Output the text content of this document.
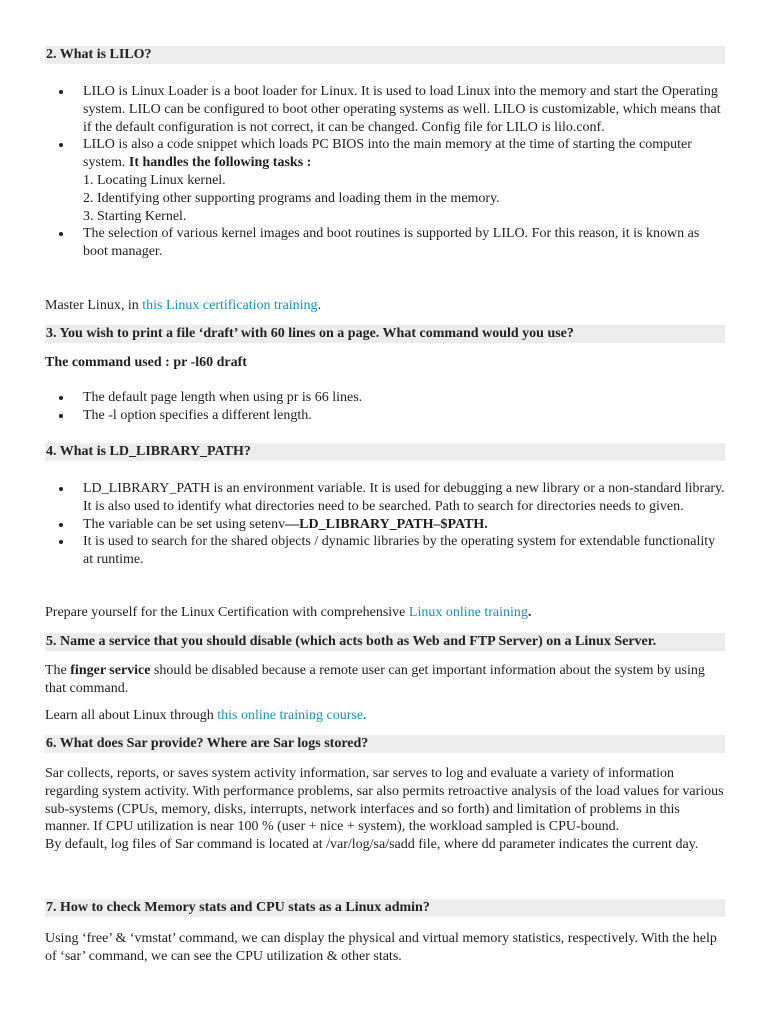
2. What is LILO?
LILO is Linux Loader is a boot loader for Linux. It is used to load Linux into the memory and start the Operating system. LILO can be configured to boot other operating systems as well. LILO is customizable, which means that if the default configuration is not correct, it can be changed. Config file for LILO is lilo.conf.
LILO is also a code snippet which loads PC BIOS into the main memory at the time of starting the computer system. It handles the following tasks :
1. Locating Linux kernel.
2. Identifying other supporting programs and loading them in the memory.
3. Starting Kernel.
The selection of various kernel images and boot routines is supported by LILO. For this reason, it is known as boot manager.
Master Linux, in this Linux certification training.
3. You wish to print a file ‘draft’ with 60 lines on a page. What command would you use?
The command used : pr -l60 draft
The default page length when using pr is 66 lines.
The -l option specifies a different length.
4. What is LD_LIBRARY_PATH?
LD_LIBRARY_PATH is an environment variable. It is used for debugging a new library or a non-standard library. It is also used to identify what directories need to be searched. Path to search for directories needs to given.
The variable can be set using setenv—LD_LIBRARY_PATH–$PATH.
It is used to search for the shared objects / dynamic libraries by the operating system for extendable functionality at runtime.
Prepare yourself for the Linux Certification with comprehensive Linux online training.
5. Name a service that you should disable (which acts both as Web and FTP Server) on a Linux Server.
The finger service should be disabled because a remote user can get important information about the system by using that command.
Learn all about Linux through this online training course.
6. What does Sar provide? Where are Sar logs stored?

Sar collects, reports, or saves system activity information, sar serves to log and evaluate a variety of information regarding system activity. With performance problems, sar also permits retroactive analysis of the load values for various sub-systems (CPUs, memory, disks, interrupts, network interfaces and so forth) and limitation of problems in this manner. If CPU utilization is near 100 % (user + nice + system), the workload sampled is CPU-bound.

By default, log files of Sar command is located at /var/log/sa/sadd file, where dd parameter indicates the current day.

7. How to check Memory stats and CPU stats as a Linux admin?
Using ‘free’ & ‘vmstat’ command, we can display the physical and virtual memory statistics, respectively. With the help of ‘sar’ command, we can see the CPU utilization & other stats.
